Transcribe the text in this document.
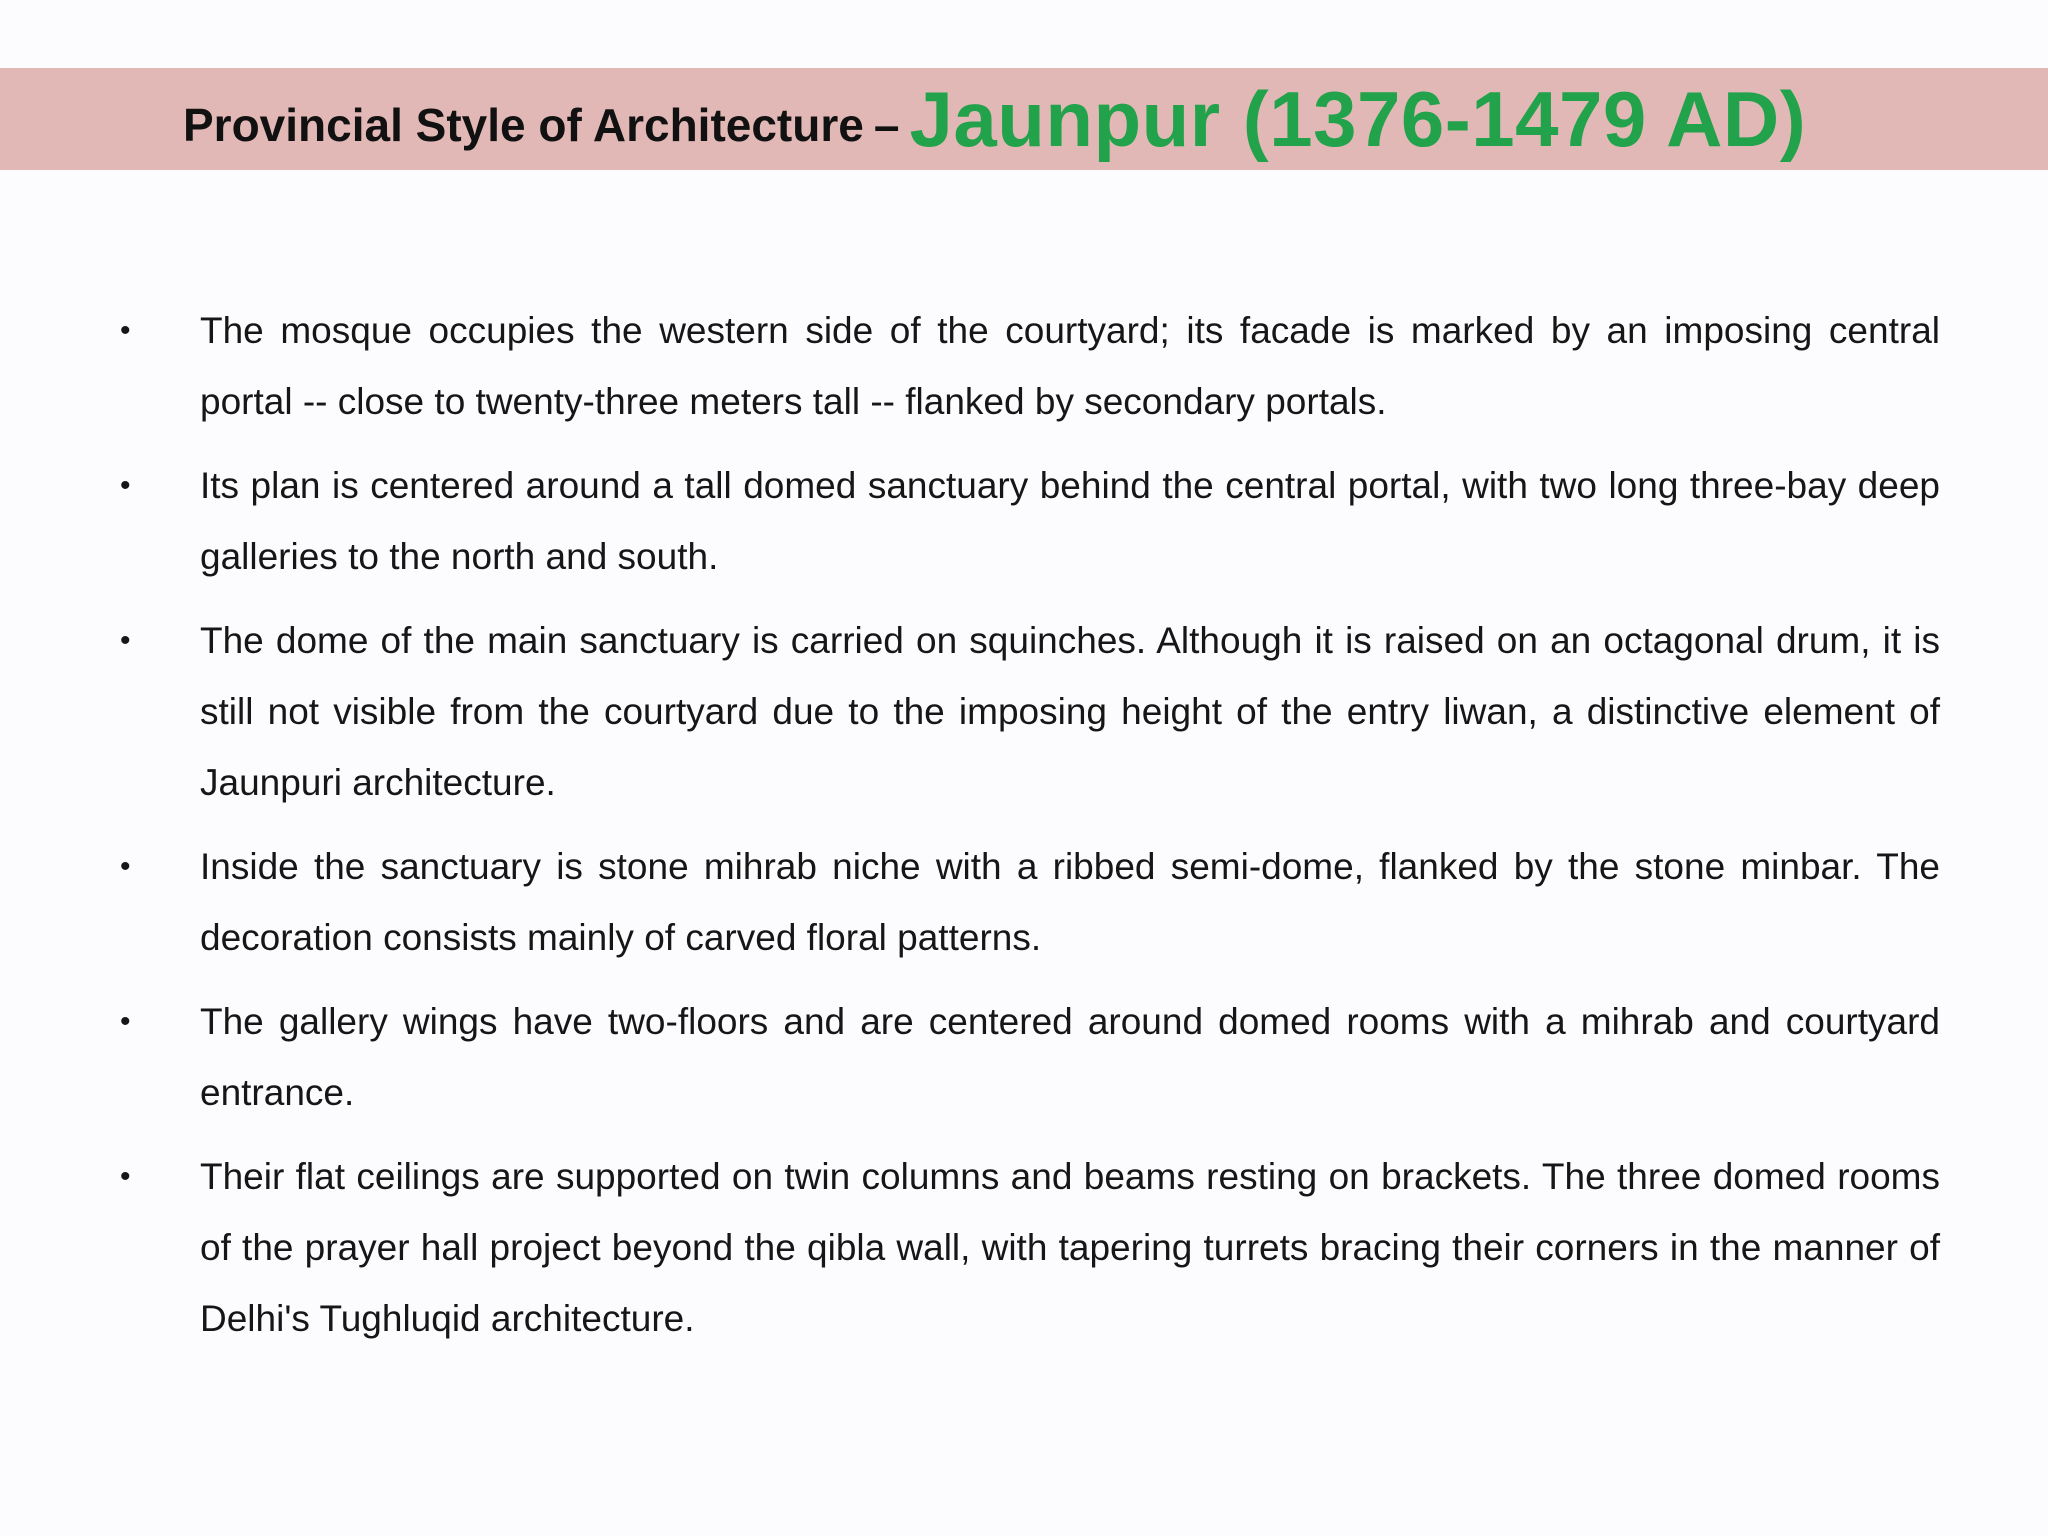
Provincial Style of Architecture – Jaunpur (1376-1479 AD)
• The mosque occupies the western side of the courtyard; its facade is marked by an imposing central portal -- close to twenty-three meters tall -- flanked by secondary portals.
• Its plan is centered around a tall domed sanctuary behind the central portal, with two long three-bay deep galleries to the north and south.
• The dome of the main sanctuary is carried on squinches. Although it is raised on an octagonal drum, it is still not visible from the courtyard due to the imposing height of the entry liwan, a distinctive element of Jaunpuri architecture.
• Inside the sanctuary is stone mihrab niche with a ribbed semi-dome, flanked by the stone minbar. The decoration consists mainly of carved floral patterns.
• The gallery wings have two-floors and are centered around domed rooms with a mihrab and courtyard entrance.
• Their flat ceilings are supported on twin columns and beams resting on brackets. The three domed rooms of the prayer hall project beyond the qibla wall, with tapering turrets bracing their corners in the manner of Delhi's Tughluqid architecture.
